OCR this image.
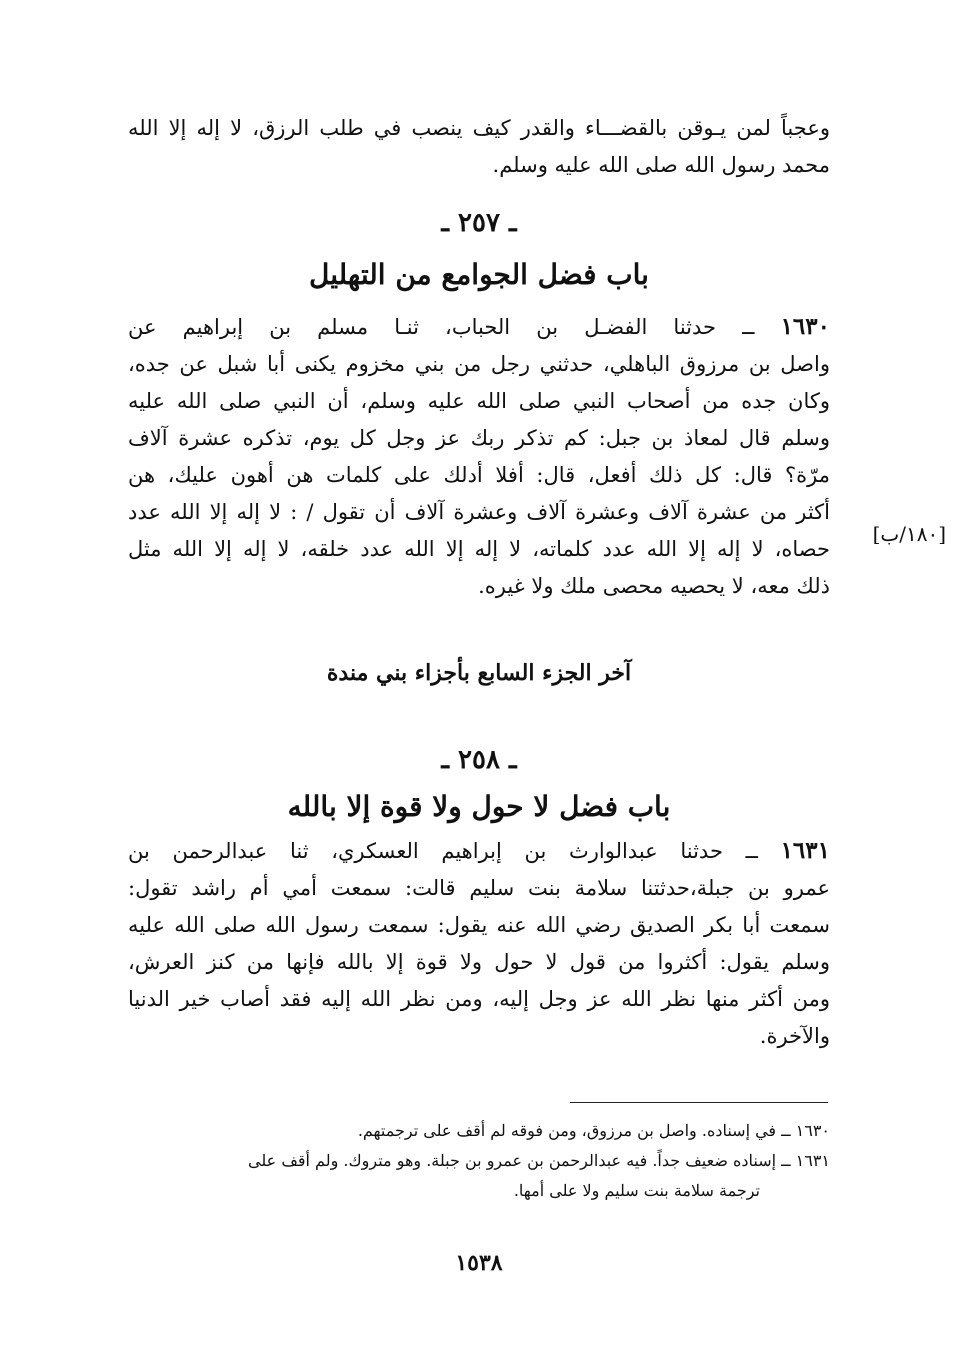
وعجباً لمن يـوقن بالقضـــاء والقدر كيف ينصب في طلب الرزق، لا إله إلا الله
محمد رسول الله صلى الله عليه وسلم.
ـ ٢٥٧ ـ
باب فضل الجوامع من التهليل
١٦٣٠ ــ حدثنا الفضـل بن الحباب، ثنـا مسلم بن إبراهيم عن
واصل بن مرزوق الباهلي، حدثني رجل من بني مخزوم يكنى أبا شبل عن جده،
وكان جده من أصحاب النبي صلى الله عليه وسلم، أن النبي صلى الله عليه
وسلم قال لمعاذ بن جبل: كم تذكر ربك عز وجل كل يوم، تذكره عشرة آلاف
مرّة؟ قال: كل ذلك أفعل، قال: أفلا أدلك على كلمات هن أهون عليك، هن
أكثر من عشرة آلاف وعشرة آلاف وعشرة آلاف أن تقول / : لا إله إلا الله عدد
حصاه، لا إله إلا الله عدد كلماته، لا إله إلا الله عدد خلقه، لا إله إلا الله مثل
ذلك معه، لا يحصيه محصى ملك ولا غيره.
[١٨٠/ب]
آخر الجزء السابع بأجزاء بني مندة
ـ ٢٥٨ ـ
باب فضل لا حول ولا قوة إلا بالله
١٦٣١ ــ حدثنا عبدالوارث بن إبراهيم العسكري، ثنا عبدالرحمن بن
عمرو بن جبلة،حدثتنا سلامة بنت سليم قالت: سمعت أمي أم راشد تقول:
سمعت أبا بكر الصديق رضي الله عنه يقول: سمعت رسول الله صلى الله عليه
وسلم يقول: أكثروا من قول لا حول ولا قوة إلا بالله فإنها من كنز العرش،
ومن أكثر منها نظر الله عز وجل إليه، ومن نظر الله إليه فقد أصاب خير الدنيا
والآخرة.
١٦٣٠ ــ في إسناده. واصل بن مرزوق، ومن فوقه لم أقف على ترجمتهم.
١٦٣١ ــ إسناده ضعيف جداً. فيه عبدالرحمن بن عمرو بن جبلة. وهو متروك. ولم أقف على
ترجمة سلامة بنت سليم ولا على أمها.
١٥٣٨
